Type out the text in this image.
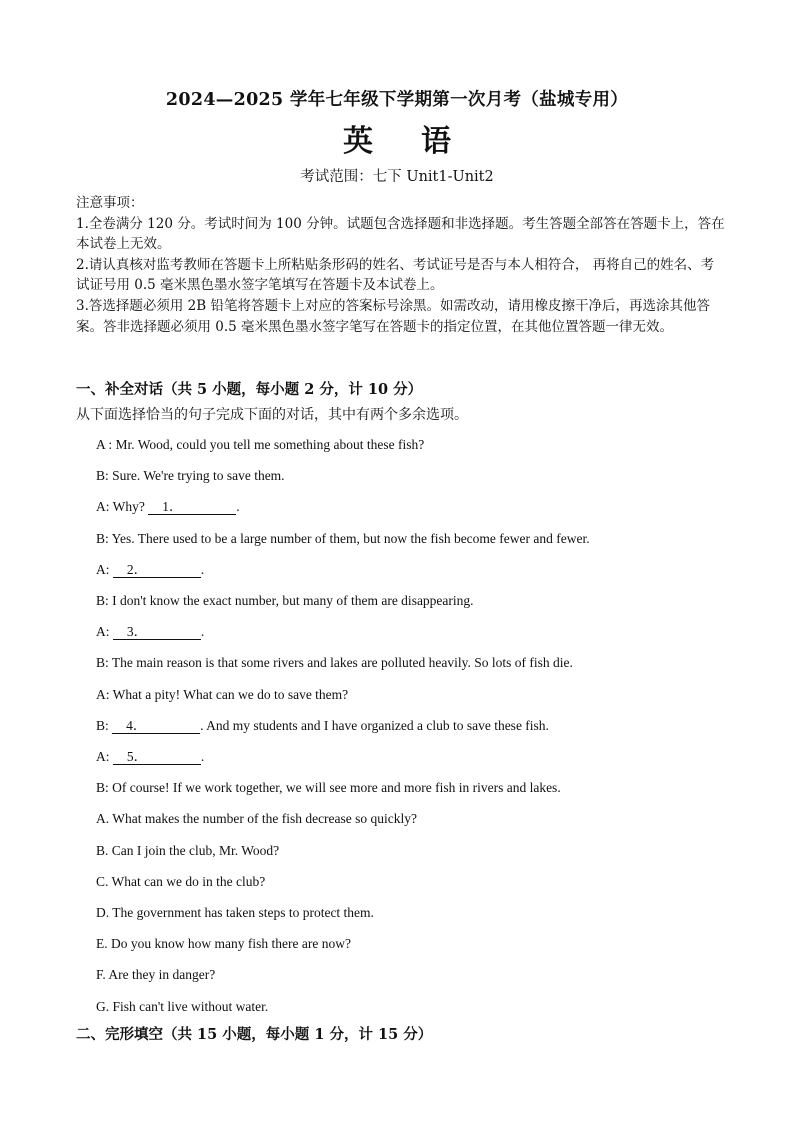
2024—2025 学年七年级下学期第一次月考（盐城专用）
英语
考试范围：七下 Unit1-Unit2

注意事项：

1.全卷满分 120 分。考试时间为 100 分钟。试题包含选择题和非选择题。考生答题全部答在答题卡上，答在本试卷上无效。

2.请认真核对监考教师在答题卡上所粘贴条形码的姓名、考试证号是否与本人相符合， 再将自己的姓名、考试证号用 0.5 毫米黑色墨水签字笔填写在答题卡及本试卷上。

3.答选择题必须用 2B 铅笔将答题卡上对应的答案标号涂黑。如需改动，请用橡皮擦干净后，再选涂其他答案。答非选择题必须用 0.5 毫米黑色墨水签字笔写在答题卡的指定位置，在其他位置答题一律无效。

一、补全对话（共 5 小题，每小题 2 分，计 10 分）
从下面选择恰当的句子完成下面的对话，其中有两个多余选项。
A : Mr. Wood, could you tell me something about these fish?
B: Sure. We're trying to save them.
A: Why? 1．	.
B: Yes. There used to be a large number of them, but now the fish become fewer and fewer.
A: 2．	.
B: I don't know the exact number, but many of them are disappearing.
A: 3．	.
B: The main reason is that some rivers and lakes are polluted heavily. So lots of fish die.
A: What a pity! What can we do to save them?
B: 4．	. And my students and I have organized a club to save these fish.
A: 5．	.
B: Of course! If we work together, we will see more and more fish in rivers and lakes.
A. What makes the number of the fish decrease so quickly?
B. Can I join the club, Mr. Wood?
C. What can we do in the club?
D. The government has taken steps to protect them.
E. Do you know how many fish there are now?
F. Are they in danger?
G. Fish can't live without water.
二、完形填空（共 15 小题，每小题 1 分，计 15 分）
